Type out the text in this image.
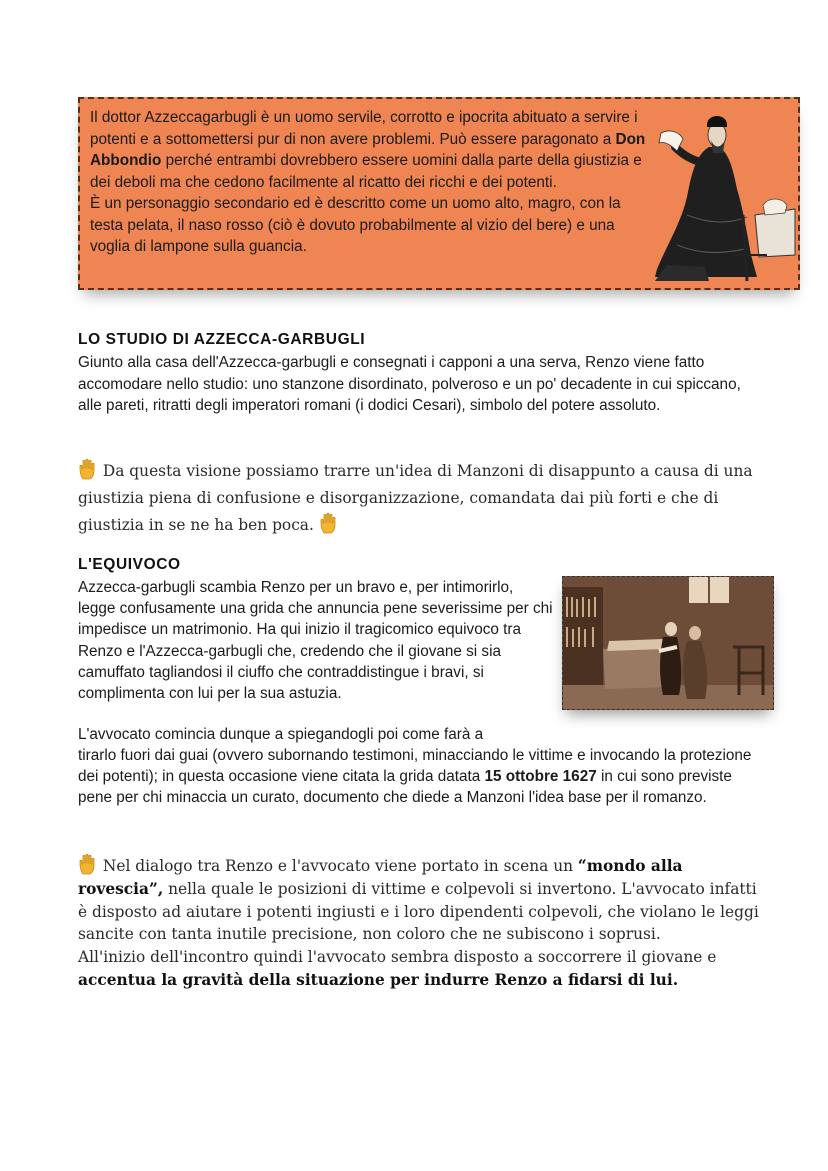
Il dottor Azzeccagarbugli è un uomo servile, corrotto e ipocrita abituato a servire i potenti e a sottomettersi pur di non avere problemi. Può essere paragonato a Don Abbondio perché entrambi dovrebbero essere uomini dalla parte della giustizia e dei deboli ma che cedono facilmente al ricatto dei ricchi e dei potenti.

È un personaggio secondario ed è descritto come un uomo alto, magro, con la testa pelata, il naso rosso (ciò è dovuto probabilmente al vizio del bere) e una voglia di lampone sulla guancia.

LO STUDIO DI AZZECCA-GARBUGLI

Giunto alla casa dell'Azzecca-garbugli e consegnati i capponi a una serva, Renzo viene fatto accomodare nello studio: uno stanzone disordinato, polveroso e un po' decadente in cui spiccano, alle pareti, ritratti degli imperatori romani (i dodici Cesari), simbolo del potere assoluto.

Da questa visione possiamo trarre un'idea di Manzoni di disappunto a causa di una giustizia piena di confusione e disorganizzazione, comandata dai più forti e che di giustizia in se ne ha ben poca.

L'EQUIVOCO

Azzecca-garbugli scambia Renzo per un bravo e, per intimorirlo, legge confusamente una grida che annuncia pene severissime per chi impedisce un matrimonio. Ha qui inizio il tragicomico equivoco tra Renzo e l'Azzecca-garbugli che, credendo che il giovane si sia camuffato tagliandosi il ciuffo che contraddistingue i bravi, si complimenta con lui per la sua astuzia.

L'avvocato comincia dunque a spiegandogli poi come farà a

tirarlo fuori dai guai (ovvero subornando testimoni, minacciando le vittime e invocando la protezione dei potenti); in questa occasione viene citata la grida datata 15 ottobre 1627 in cui sono previste pene per chi minaccia un curato, documento che diede a Manzoni l'idea base per il romanzo.

Nel dialogo tra Renzo e l'avvocato viene portato in scena un “mondo alla rovescia”, nella quale le posizioni di vittime e colpevoli si invertono. L'avvocato infatti è disposto ad aiutare i potenti ingiusti e i loro dipendenti colpevoli, che violano le leggi sancite con tanta inutile precisione, non coloro che ne subiscono i soprusi.
All'inizio dell'incontro quindi l'avvocato sembra disposto a soccorrere il giovane e accentua la gravità della situazione per indurre Renzo a fidarsi di lui.
